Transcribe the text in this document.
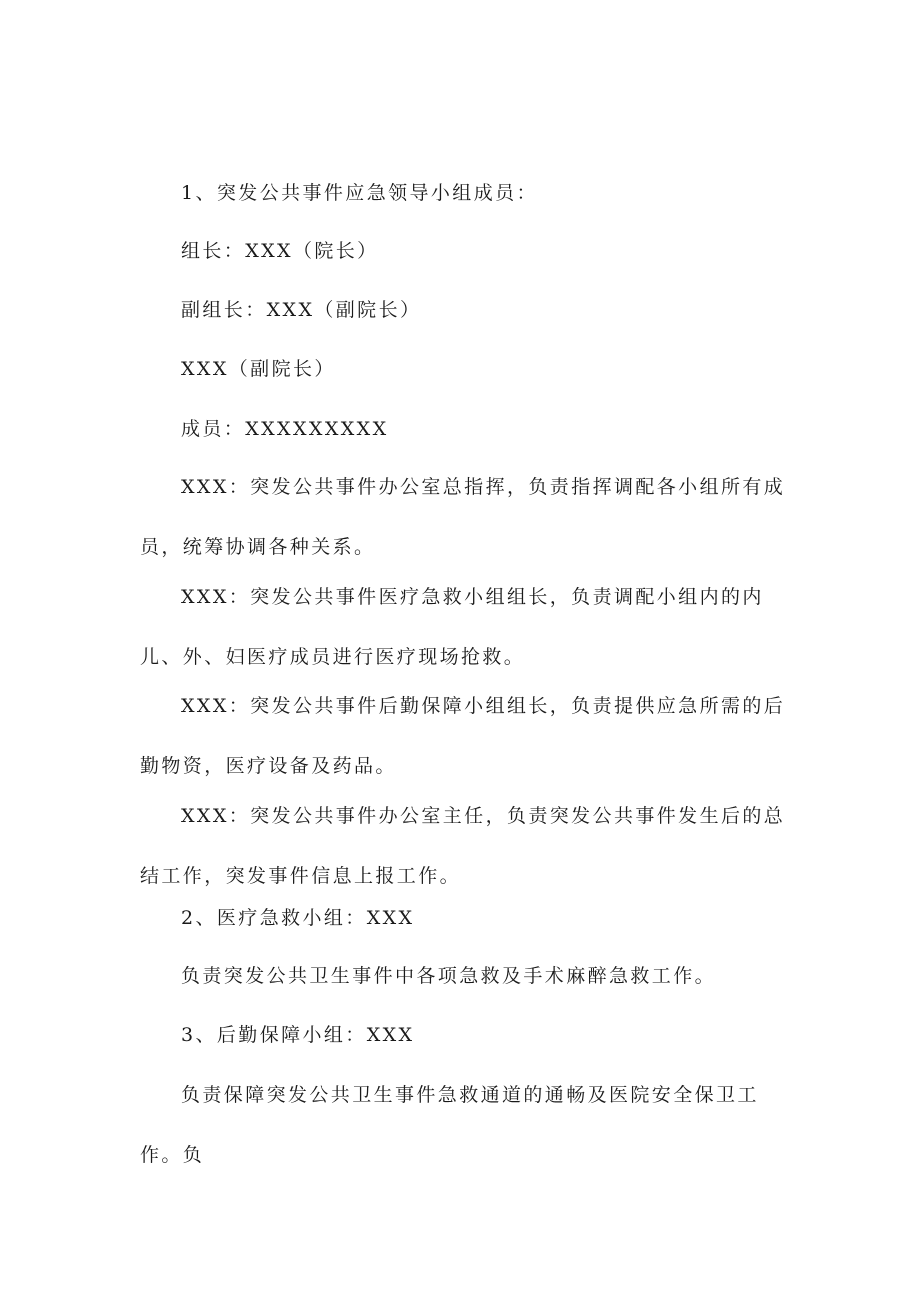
1、突发公共事件应急领导小组成员：

组长：XXX（院长）

副组长：XXX（副院长）

XXX（副院长）

成员：XXXXXXXXX

XXX：突发公共事件办公室总指挥，负责指挥调配各小组所有成员，统筹协调各种关系。

XXX：突发公共事件医疗急救小组组长，负责调配小组内的内儿、外、妇医疗成员进行医疗现场抢救。

XXX：突发公共事件后勤保障小组组长，负责提供应急所需的后勤物资，医疗设备及药品。

XXX：突发公共事件办公室主任，负责突发公共事件发生后的总结工作，突发事件信息上报工作。

2、医疗急救小组：XXX

负责突发公共卫生事件中各项急救及手术麻醉急救工作。

3、后勤保障小组：XXX

负责保障突发公共卫生事件急救通道的通畅及医院安全保卫工作。负
